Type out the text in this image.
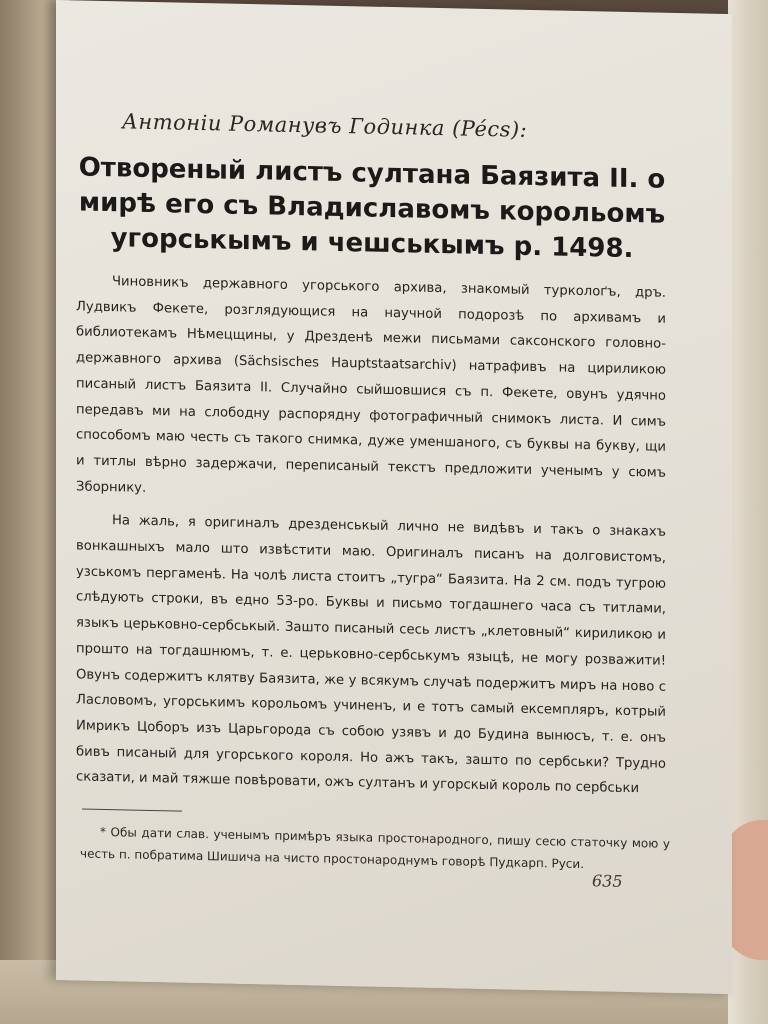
Антоніи Романувъ Годинка (Pécs):
Отвореный листъ султана Баязита II. о мирѣ его съ Владиславомъ корольомъ угорськымъ и чешськымъ р. 1498.

Чиновникъ державного угорського архива, знакомый турколоґъ, дръ. Лудвикъ Фекете, розглядующися на научной подорозѣ по архивамъ и библиотекамъ Нѣмецщины, у Дрезденѣ межи письмами саксонского головно-державного архива (Sächsisches Hauptstaatsarchiv) натрафивъ на цириликою писаный листъ Баязита II. Случайно сыйшовшися съ п. Фекете, овунъ удячно передавъ ми на слободну распорядну фотографичный снимокъ листа. И симъ способомъ маю честь съ такого снимка, дуже уменшаного, съ буквы на букву, щи и титлы вѣрно задержачи, переписаный текстъ предложити ученымъ у сюмъ Зборнику.

На жаль, я оригиналъ дрезденськый лично не видѣвъ и такъ о знакахъ вонкашныхъ мало што извѣстити маю. Оригиналъ писанъ на долговистомъ, узськомъ пергаменѣ. На чолѣ листа стоитъ „тугра“ Баязита. На 2 см. подъ тугрою слѣдують строки, въ едно 53-ро. Буквы и письмо тогдашнего часа съ титлами, языкъ церьковно-сербськый. Зашто писаный сесь листъ „клетовный“ кириликою и прошто на тогдашнюмъ, т. е. церьковно-сербськумъ языцѣ, не могу розважити! Овунъ содержитъ клятву Баязита, же у всякумъ случаѣ подержитъ миръ на ново с Ласловомъ, угорськимъ корольомъ учиненъ, и е тотъ самый ексемпляръ, котрый Имрикъ Цоборъ изъ Царьгорода съ собою узявъ и до Будина вынюсъ, т. е. онъ бивъ писаный для угорського короля. Но ажъ такъ, зашто по сербськи? Трудно сказати, и май тяжше повѣровати, ожъ султанъ и угорскый король по сербськи

* Обы дати слав. ученымъ примѣръ языка простонародного, пишу сесю статочку мою у честь п. побратима Шишича на чисто простонароднумъ говорѣ Пудкарп. Руси.

635
